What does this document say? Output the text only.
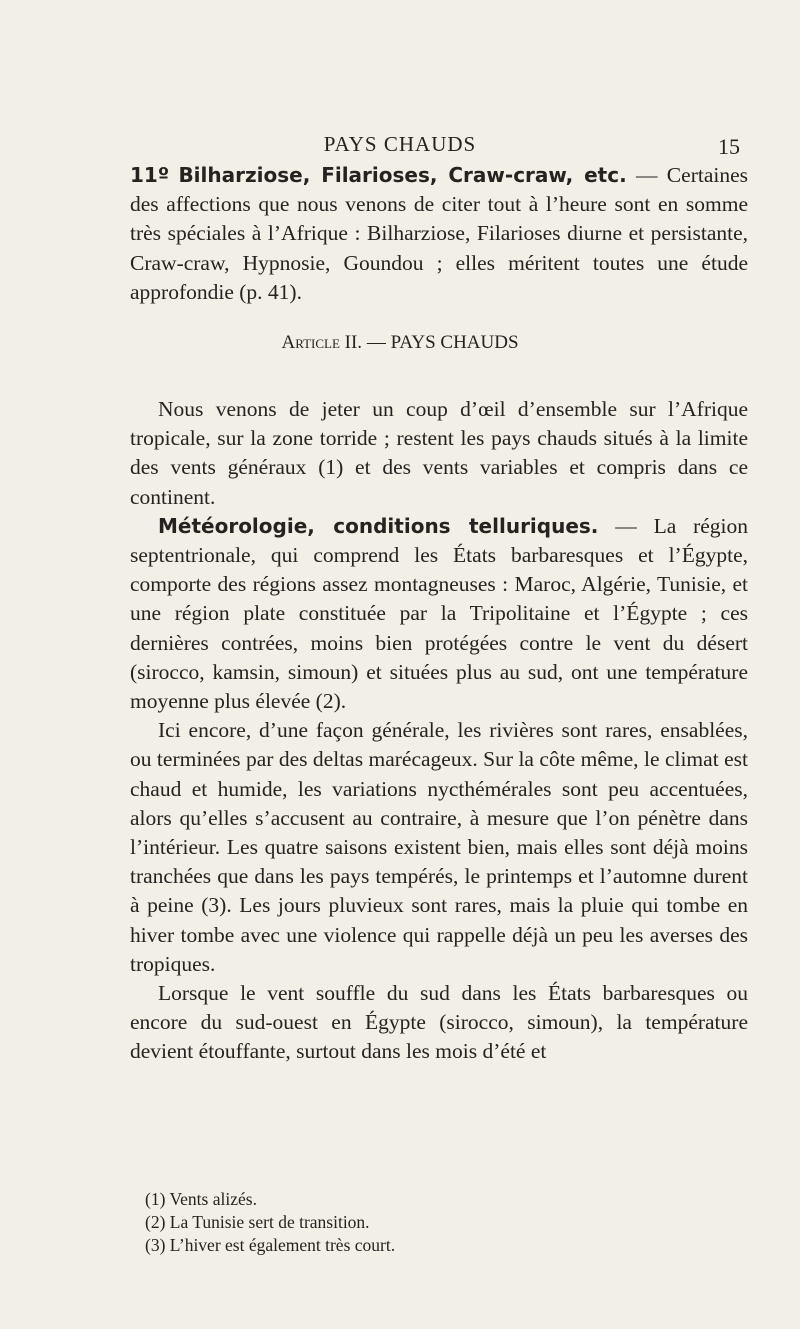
PAYS CHAUDS	15
11º Bilharziose, Filarioses, Craw-craw, etc. — Certaines des affections que nous venons de citer tout à l’heure sont en somme très spéciales à l’Afrique : Bilharziose, Filarioses diurne et persistante, Craw-craw, Hypnosie, Goundou ; elles méritent toutes une étude approfondie (p. 41).
Article II. — PAYS CHAUDS

Nous venons de jeter un coup d’œil d’ensemble sur l’Afrique tropicale, sur la zone torride ; restent les pays chauds situés à la limite des vents généraux (1) et des vents variables et compris dans ce continent.

Météorologie, conditions telluriques. — La région septentrionale, qui comprend les États barbaresques et l’Égypte, comporte des régions assez montagneuses : Maroc, Algérie, Tunisie, et une région plate constituée par la Tripolitaine et l’Égypte ; ces dernières contrées, moins bien protégées contre le vent du désert (sirocco, kamsin, simoun) et situées plus au sud, ont une température moyenne plus élevée (2).

Ici encore, d’une façon générale, les rivières sont rares, ensablées, ou terminées par des deltas marécageux. Sur la côte même, le climat est chaud et humide, les variations nycthémérales sont peu accentuées, alors qu’elles s’accusent au contraire, à mesure que l’on pénètre dans l’intérieur. Les quatre saisons existent bien, mais elles sont déjà moins tranchées que dans les pays tempérés, le printemps et l’automne durent à peine (3). Les jours pluvieux sont rares, mais la pluie qui tombe en hiver tombe avec une violence qui rappelle déjà un peu les averses des tropiques.

Lorsque le vent souffle du sud dans les États barbaresques ou encore du sud-ouest en Égypte (sirocco, simoun), la température devient étouffante, surtout dans les mois d’été et

(1) Vents alizés.

(2) La Tunisie sert de transition.

(3) L’hiver est également très court.
